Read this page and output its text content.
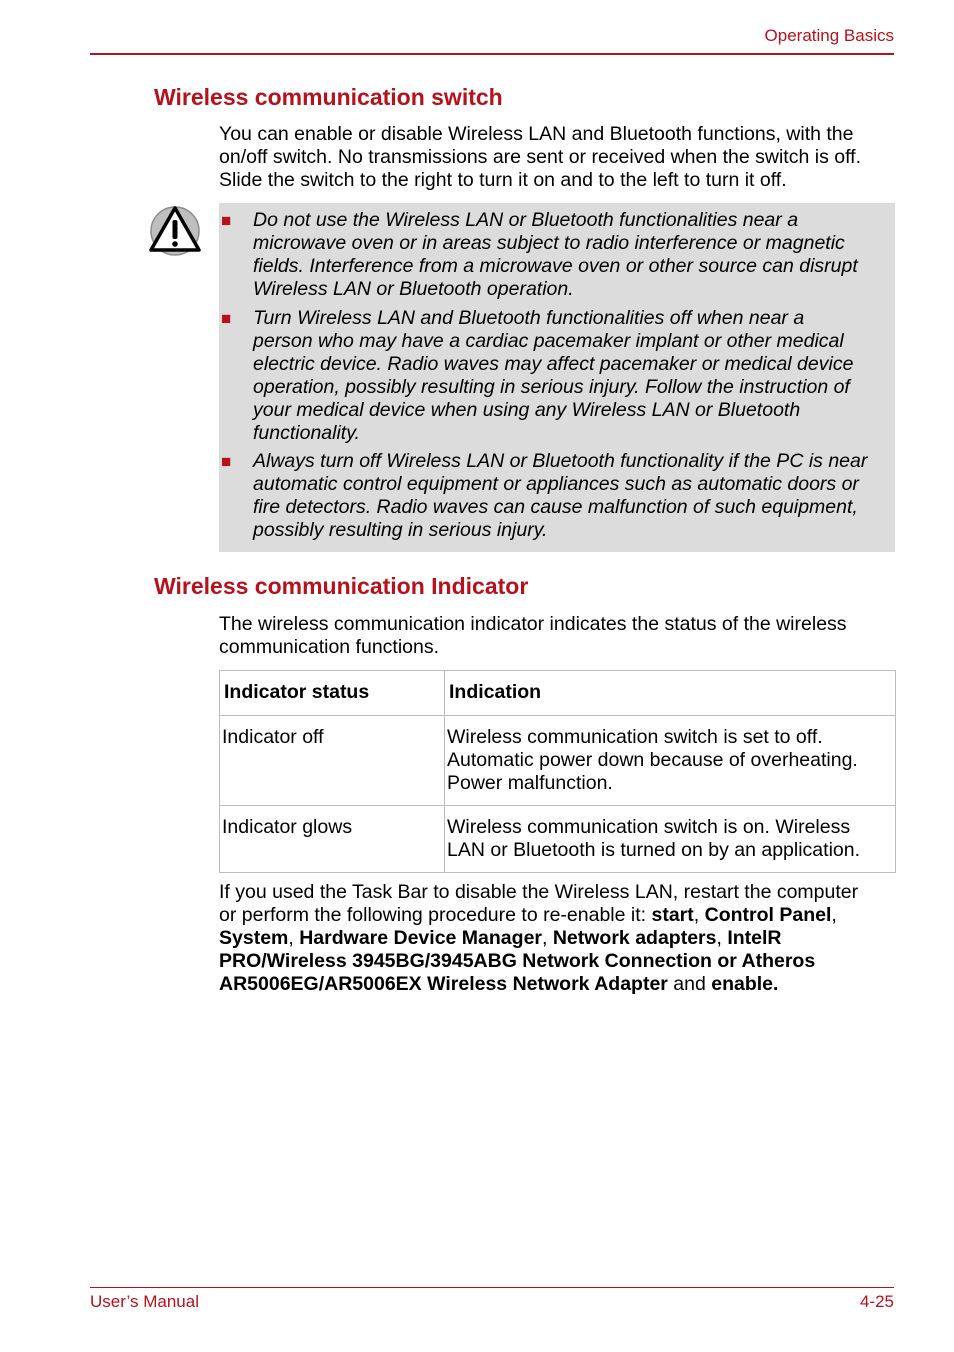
Operating Basics
Wireless communication switch
You can enable or disable Wireless LAN and Bluetooth functions, with the
on/off switch. No transmissions are sent or received when the switch is off.
Slide the switch to the right to turn it on and to the left to turn it off.
■ Do not use the Wireless LAN or Bluetooth functionalities near a
microwave oven or in areas subject to radio interference or magnetic
fields. Interference from a microwave oven or other source can disrupt
Wireless LAN or Bluetooth operation.
■ Turn Wireless LAN and Bluetooth functionalities off when near a
person who may have a cardiac pacemaker implant or other medical
electric device. Radio waves may affect pacemaker or medical device
operation, possibly resulting in serious injury. Follow the instruction of
your medical device when using any Wireless LAN or Bluetooth
functionality.
■ Always turn off Wireless LAN or Bluetooth functionality if the PC is near
automatic control equipment or appliances such as automatic doors or
fire detectors. Radio waves can cause malfunction of such equipment,
possibly resulting in serious injury.
Wireless communication Indicator
The wireless communication indicator indicates the status of the wireless
communication functions.
Indicator status	Indication
Indicator off	Wireless communication switch is set to off.
Automatic power down because of overheating.
Power malfunction.

Indicator glows	Wireless communication switch is on. Wireless
LAN or Bluetooth is turned on by an application.
If you used the Task Bar to disable the Wireless LAN, restart the computer
or perform the following procedure to re-enable it: start, Control Panel,
System, Hardware Device Manager, Network adapters, IntelR
PRO/Wireless 3945BG/3945ABG Network Connection or Atheros
AR5006EG/AR5006EX Wireless Network Adapter and enable.
User’s Manual	4-25
